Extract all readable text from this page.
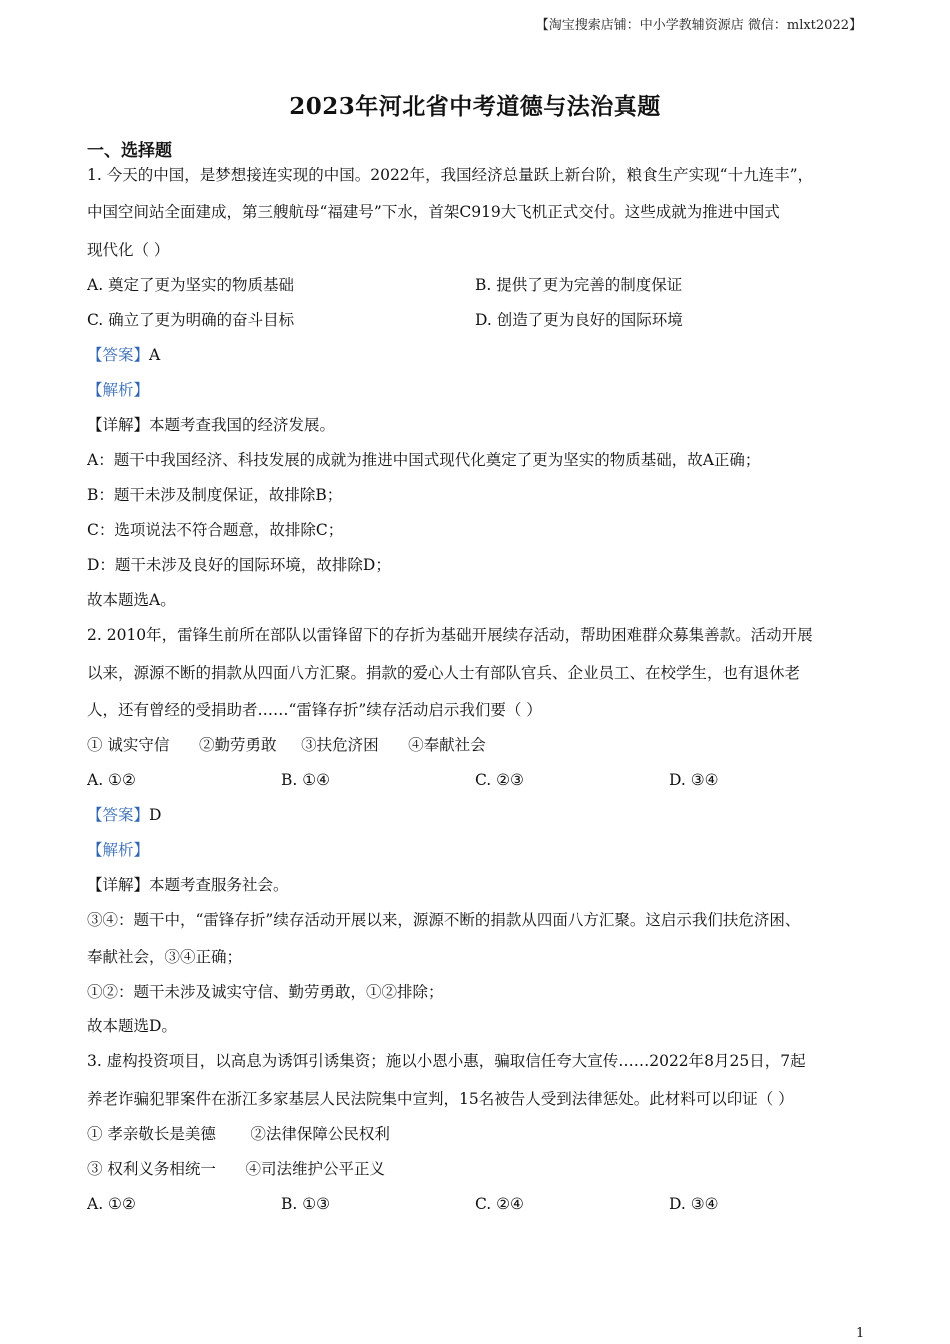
【淘宝搜索店铺：中小学教辅资源店 微信：mlxt2022】
2023年河北省中考道德与法治真题
一、选择题
1. 今天的中国，是梦想接连实现的中国。2022年，我国经济总量跃上新台阶，粮食生产实现“十九连丰”，
中国空间站全面建成，第三艘航母“福建号”下水，首架C919大飞机正式交付。这些成就为推进中国式
现代化（ ）
A. 奠定了更为坚实的物质基础	B. 提供了更为完善的制度保证
C. 确立了更为明确的奋斗目标	D. 创造了更为良好的国际环境
【答案】A
【解析】
【详解】本题考查我国的经济发展。
A：题干中我国经济、科技发展的成就为推进中国式现代化奠定了更为坚实的物质基础，故A正确；
B：题干未涉及制度保证，故排除B；
C：选项说法不符合题意，故排除C；
D：题干未涉及良好的国际环境，故排除D；
故本题选A。
2. 2010年，雷锋生前所在部队以雷锋留下的存折为基础开展续存活动，帮助困难群众募集善款。活动开展
以来，源源不断的捐款从四面八方汇聚。捐款的爱心人士有部队官兵、企业员工、在校学生，也有退休老
人，还有曾经的受捐助者……“雷锋存折”续存活动启示我们要（ ）
① 诚实守信      ②勤劳勇敢     ③扶危济困      ④奉献社会
A. ①②	B. ①④	C. ②③	D. ③④
【答案】D
【解析】
【详解】本题考查服务社会。
③④：题干中，“雷锋存折”续存活动开展以来，源源不断的捐款从四面八方汇聚。这启示我们扶危济困、
奉献社会，③④正确；
①②：题干未涉及诚实守信、勤劳勇敢，①②排除；
故本题选D。
3. 虚构投资项目，以高息为诱饵引诱集资；施以小恩小惠，骗取信任夸大宣传……2022年8月25日，7起
养老诈骗犯罪案件在浙江多家基层人民法院集中宣判，15名被告人受到法律惩处。此材料可以印证（ ）
① 孝亲敬长是美德       ②法律保障公民权利
③ 权利义务相统一      ④司法维护公平正义
A. ①②	B. ①③	C. ②④	D. ③④
1
